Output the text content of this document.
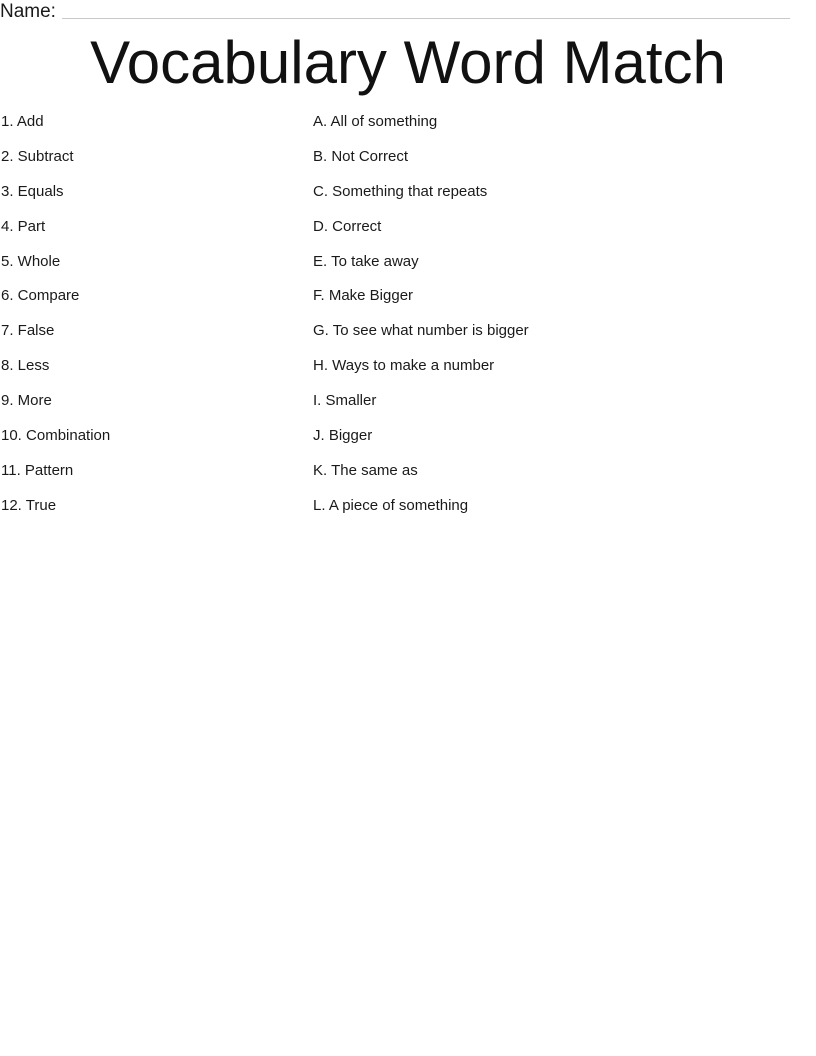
Name:
Vocabulary Word Match
1. Add
2. Subtract
3. Equals
4. Part
5. Whole
6. Compare
7. False
8. Less
9. More
10. Combination
11. Pattern
12. True
A. All of something
B. Not Correct
C. Something that repeats
D. Correct
E. To take away
F. Make Bigger
G. To see what number is bigger
H. Ways to make a number
I. Smaller
J. Bigger
K. The same as
L. A piece of something
